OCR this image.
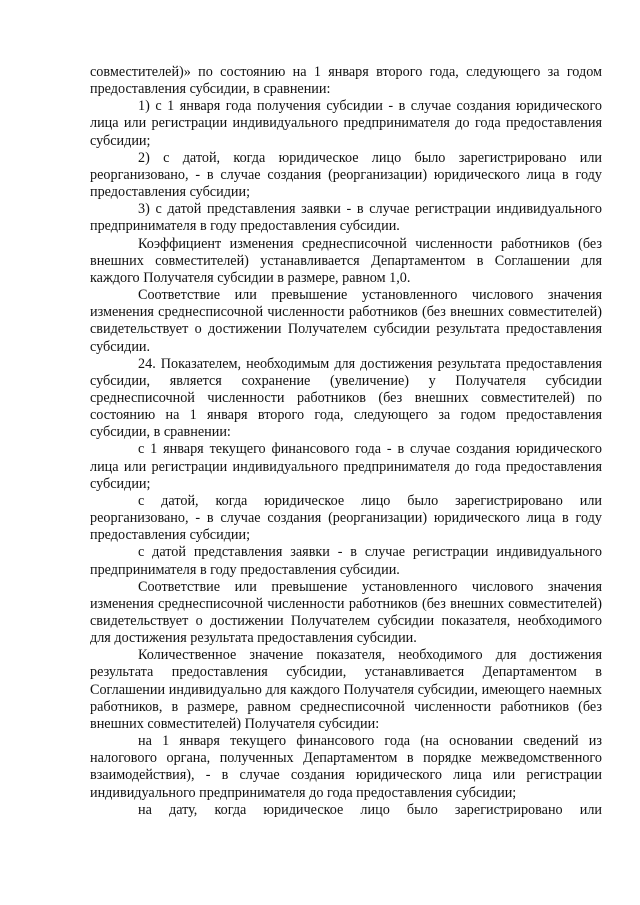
совместителей)» по состоянию на 1 января второго года, следующего за годом предоставления субсидии, в сравнении:

1) с 1 января года получения субсидии - в случае создания юридического лица или регистрации индивидуального предпринимателя до года предоставления субсидии;

2) с датой, когда юридическое лицо было зарегистрировано или реорганизовано, - в случае создания (реорганизации) юридического лица в году предоставления субсидии;

3) с датой представления заявки - в случае регистрации индивидуального предпринимателя в году предоставления субсидии.

Коэффициент изменения среднесписочной численности работников (без внешних совместителей) устанавливается Департаментом в Соглашении для каждого Получателя субсидии в размере, равном 1,0.

Соответствие или превышение установленного числового значения изменения среднесписочной численности работников (без внешних совместителей) свидетельствует о достижении Получателем субсидии результата предоставления субсидии.

24. Показателем, необходимым для достижения результата предоставления субсидии, является сохранение (увеличение) у Получателя субсидии среднесписочной численности работников (без внешних совместителей) по состоянию на 1 января второго года, следующего за годом предоставления субсидии, в сравнении:

с 1 января текущего финансового года - в случае создания юридического лица или регистрации индивидуального предпринимателя до года предоставления субсидии;

с датой, когда юридическое лицо было зарегистрировано или реорганизовано, - в случае создания (реорганизации) юридического лица в году предоставления субсидии;

с датой представления заявки - в случае регистрации индивидуального предпринимателя в году предоставления субсидии.

Соответствие или превышение установленного числового значения изменения среднесписочной численности работников (без внешних совместителей) свидетельствует о достижении Получателем субсидии показателя, необходимого для достижения результата предоставления субсидии.

Количественное значение показателя, необходимого для достижения результата предоставления субсидии, устанавливается Департаментом в Соглашении индивидуально для каждого Получателя субсидии, имеющего наемных работников, в размере, равном среднесписочной численности работников (без внешних совместителей) Получателя субсидии:

на 1 января текущего финансового года (на основании сведений из налогового органа, полученных Департаментом в порядке межведомственного взаимодействия), - в случае создания юридического лица или регистрации индивидуального предпринимателя до года предоставления субсидии;

на дату, когда юридическое лицо было зарегистрировано или
